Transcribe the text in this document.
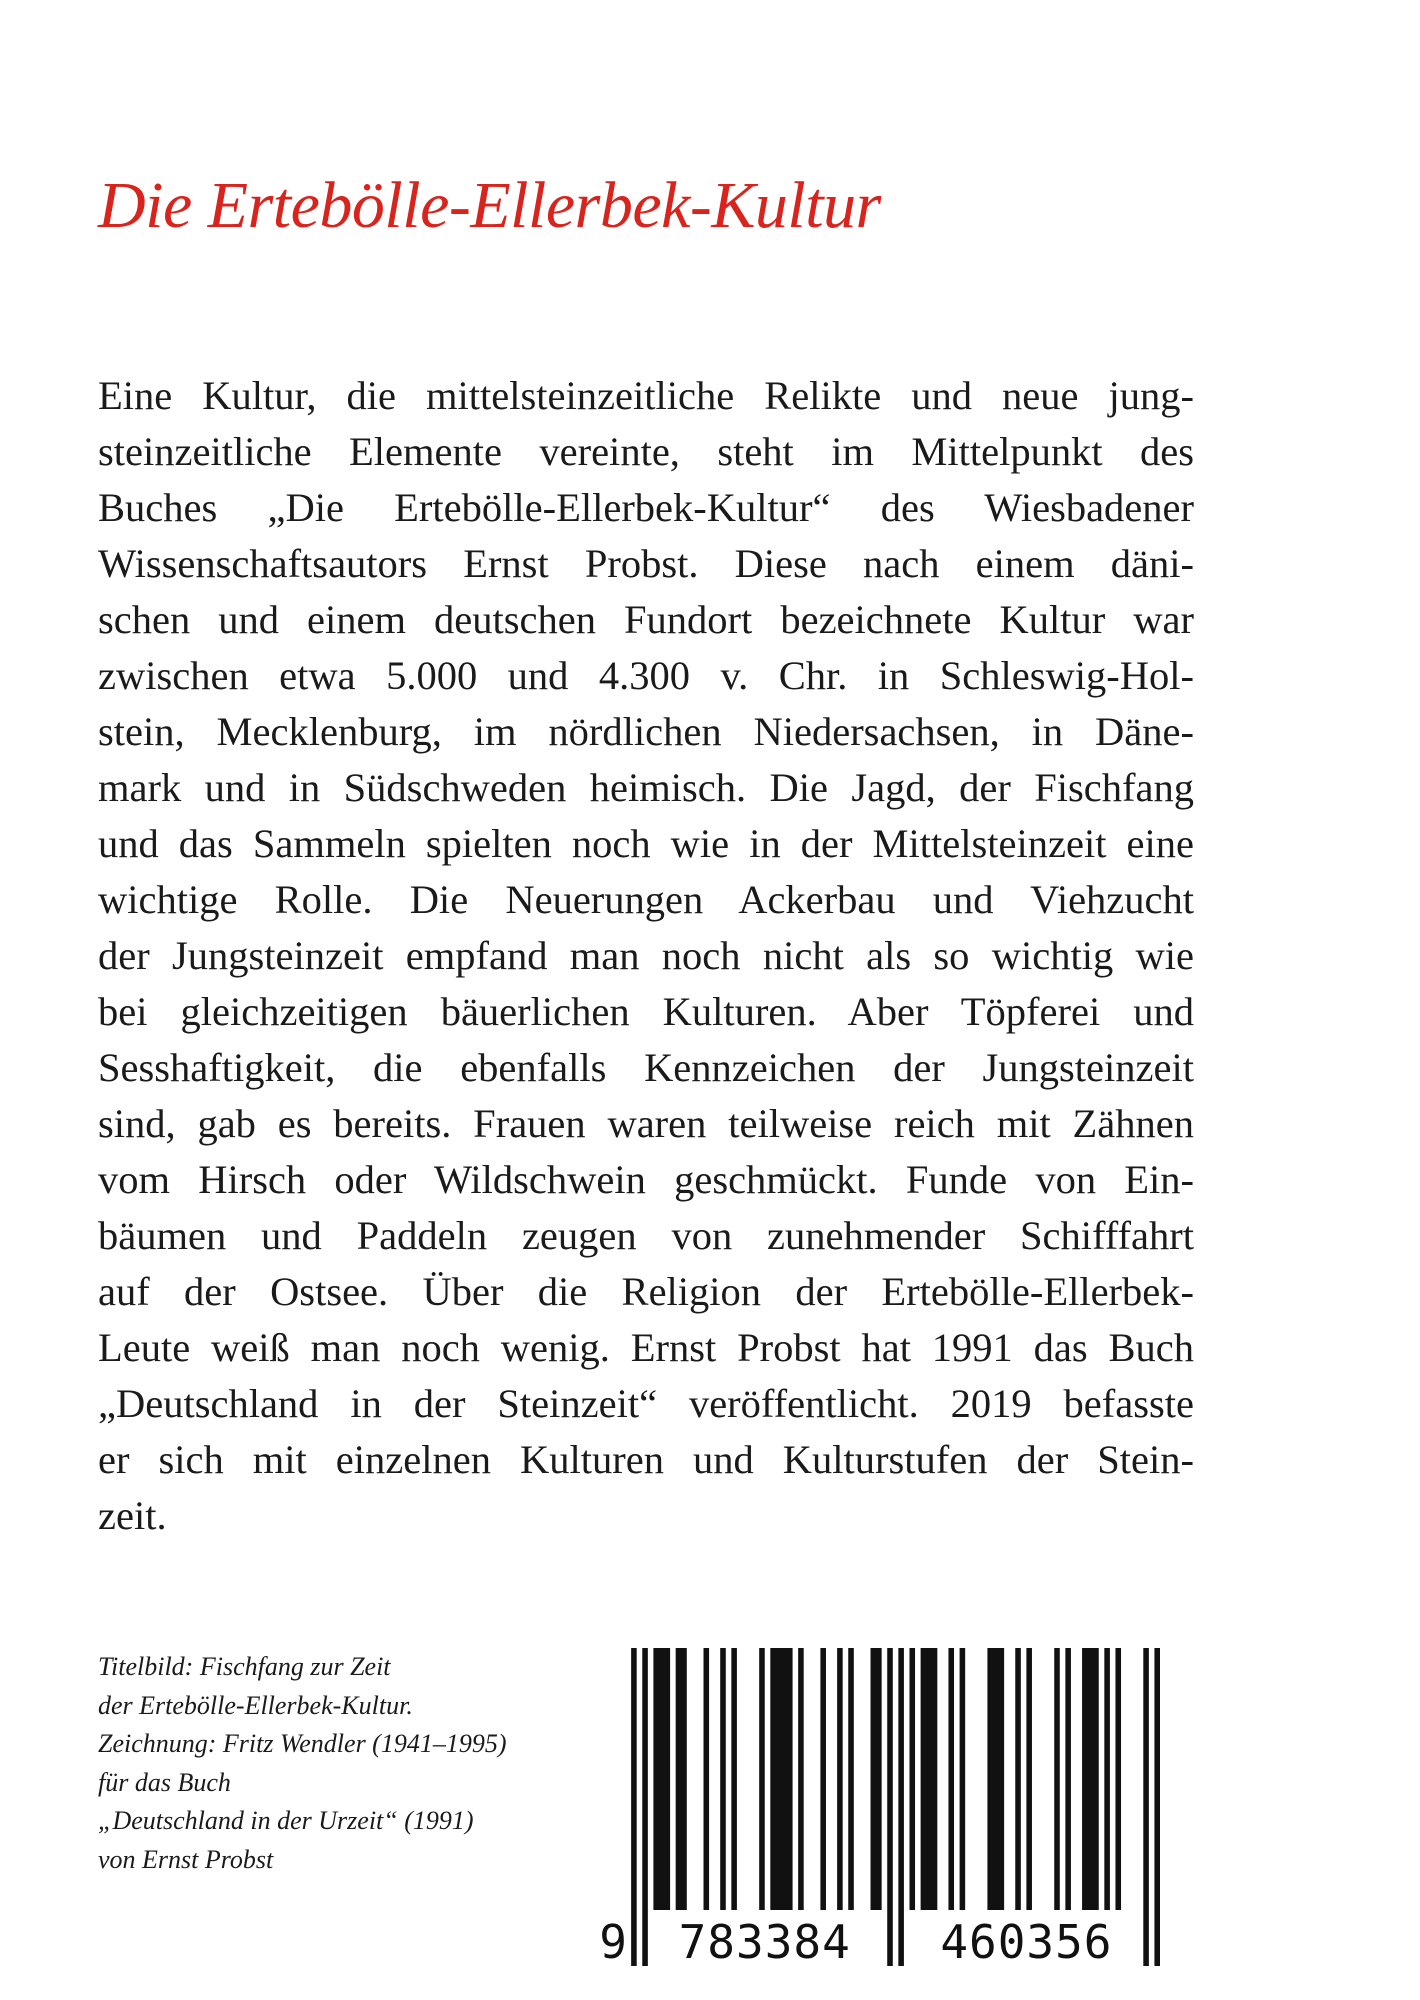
Die Ertebölle-Ellerbek-Kultur
Eine Kultur, die mittelsteinzeitliche Relikte und neue jung-
steinzeitliche Elemente vereinte, steht im Mittelpunkt des
Buches „Die Ertebölle-Ellerbek-Kultur“ des Wiesbadener
Wissenschaftsautors Ernst Probst. Diese nach einem däni-
schen und einem deutschen Fundort bezeichnete Kultur war
zwischen etwa 5.000 und 4.300 v. Chr. in Schleswig-Hol-
stein, Mecklenburg, im nördlichen Niedersachsen, in Däne-
mark und in Südschweden heimisch. Die Jagd, der Fischfang
und das Sammeln spielten noch wie in der Mittelsteinzeit eine
wichtige Rolle. Die Neuerungen Ackerbau und Viehzucht
der Jungsteinzeit empfand man noch nicht als so wichtig wie
bei gleichzeitigen bäuerlichen Kulturen. Aber Töpferei und
Sesshaftigkeit, die ebenfalls Kennzeichen der Jungsteinzeit
sind, gab es bereits. Frauen waren teilweise reich mit Zähnen
vom Hirsch oder Wildschwein geschmückt. Funde von Ein-
bäumen und Paddeln zeugen von zunehmender Schifffahrt
auf der Ostsee. Über die Religion der Ertebölle-Ellerbek-
Leute weiß man noch wenig. Ernst Probst hat 1991 das Buch
„Deutschland in der Steinzeit“ veröffentlicht. 2019 befasste
er sich mit einzelnen Kulturen und Kulturstufen der Stein-
zeit.
Titelbild: Fischfang zur Zeit
der Ertebölle-Ellerbek-Kultur.
Zeichnung: Fritz Wendler (1941–1995)
für das Buch
„Deutschland in der Urzeit“ (1991)
von Ernst Probst
9 783384 460356
